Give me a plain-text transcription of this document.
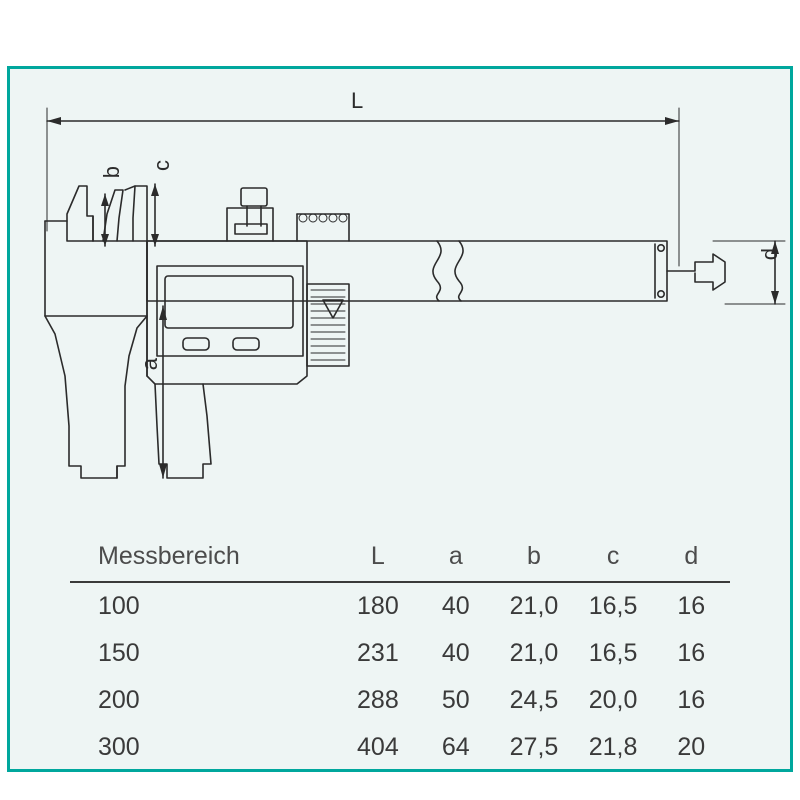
L
b
c
a
d
Messbereich	L	a	b	c	d
100	180	40	21,0	16,5	16
150	231	40	21,0	16,5	16
200	288	50	24,5	20,0	16
300	404	64	27,5	21,8	20
